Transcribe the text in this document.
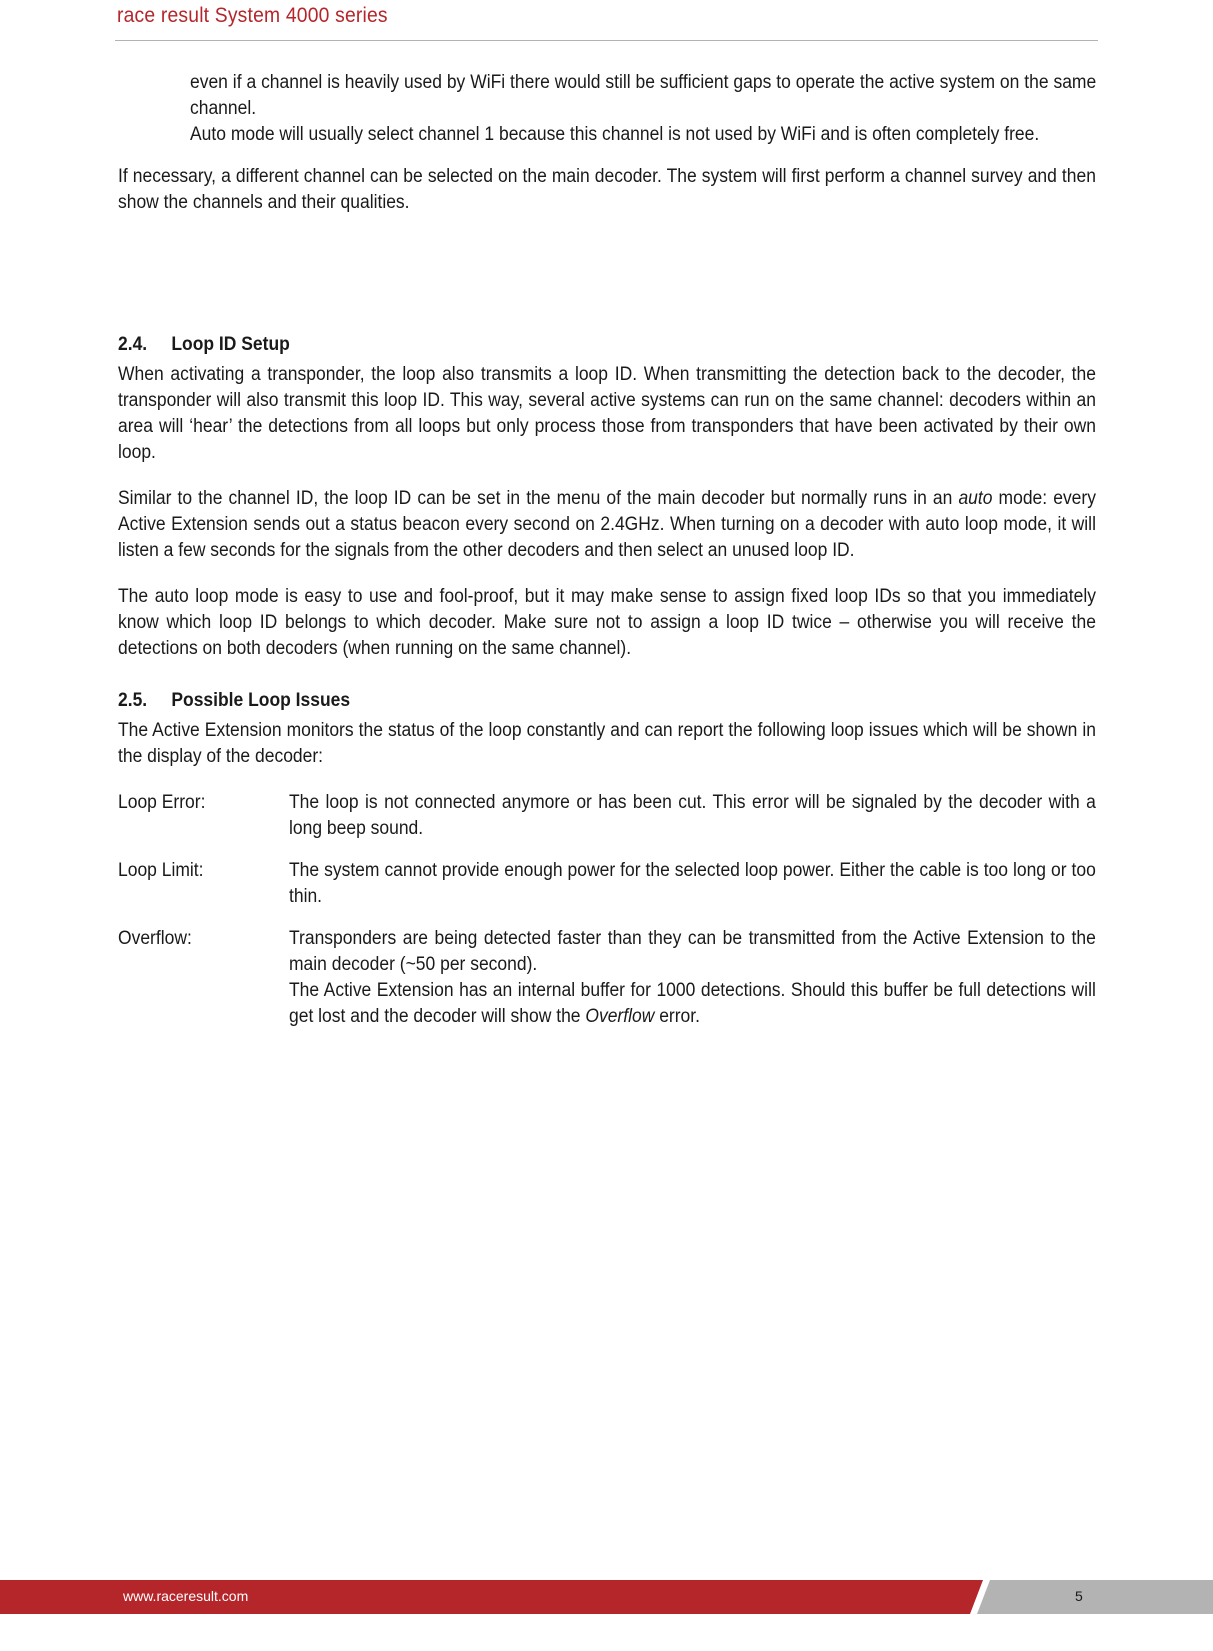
race result System 4000 series

even if a channel is heavily used by WiFi there would still be sufficient gaps to operate the active system on the same channel.

Auto mode will usually select channel 1 because this channel is not used by WiFi and is often completely free.

If necessary, a different channel can be selected on the main decoder. The system will first perform a channel survey and then show the channels and their qualities.

2.4. Loop ID Setup

When activating a transponder, the loop also transmits a loop ID. When transmitting the detection back to the decoder, the transponder will also transmit this loop ID. This way, several active systems can run on the same channel: decoders within an area will ‘hear’ the detections from all loops but only process those from transponders that have been activated by their own loop.

Similar to the channel ID, the loop ID can be set in the menu of the main decoder but normally runs in an auto mode: every Active Extension sends out a status beacon every second on 2.4GHz. When turning on a decoder with auto loop mode, it will listen a few seconds for the signals from the other decoders and then select an unused loop ID.

The auto loop mode is easy to use and fool-proof, but it may make sense to assign fixed loop IDs so that you immediately know which loop ID belongs to which decoder. Make sure not to assign a loop ID twice – otherwise you will receive the detections on both decoders (when running on the same channel).

2.5. Possible Loop Issues

The Active Extension monitors the status of the loop constantly and can report the following loop issues which will be shown in the display of the decoder:

Loop Error:	The loop is not connected anymore or has been cut. This error will be signaled by the decoder with a long beep sound.

Loop Limit:	The system cannot provide enough power for the selected loop power. Either the cable is too long or too thin.

Overflow:	Transponders are being detected faster than they can be transmitted from the Active Extension to the main decoder (~50 per second).

The Active Extension has an internal buffer for 1000 detections. Should this buffer be full detections will get lost and the decoder will show the Overflow error.

www.raceresult.com	5
